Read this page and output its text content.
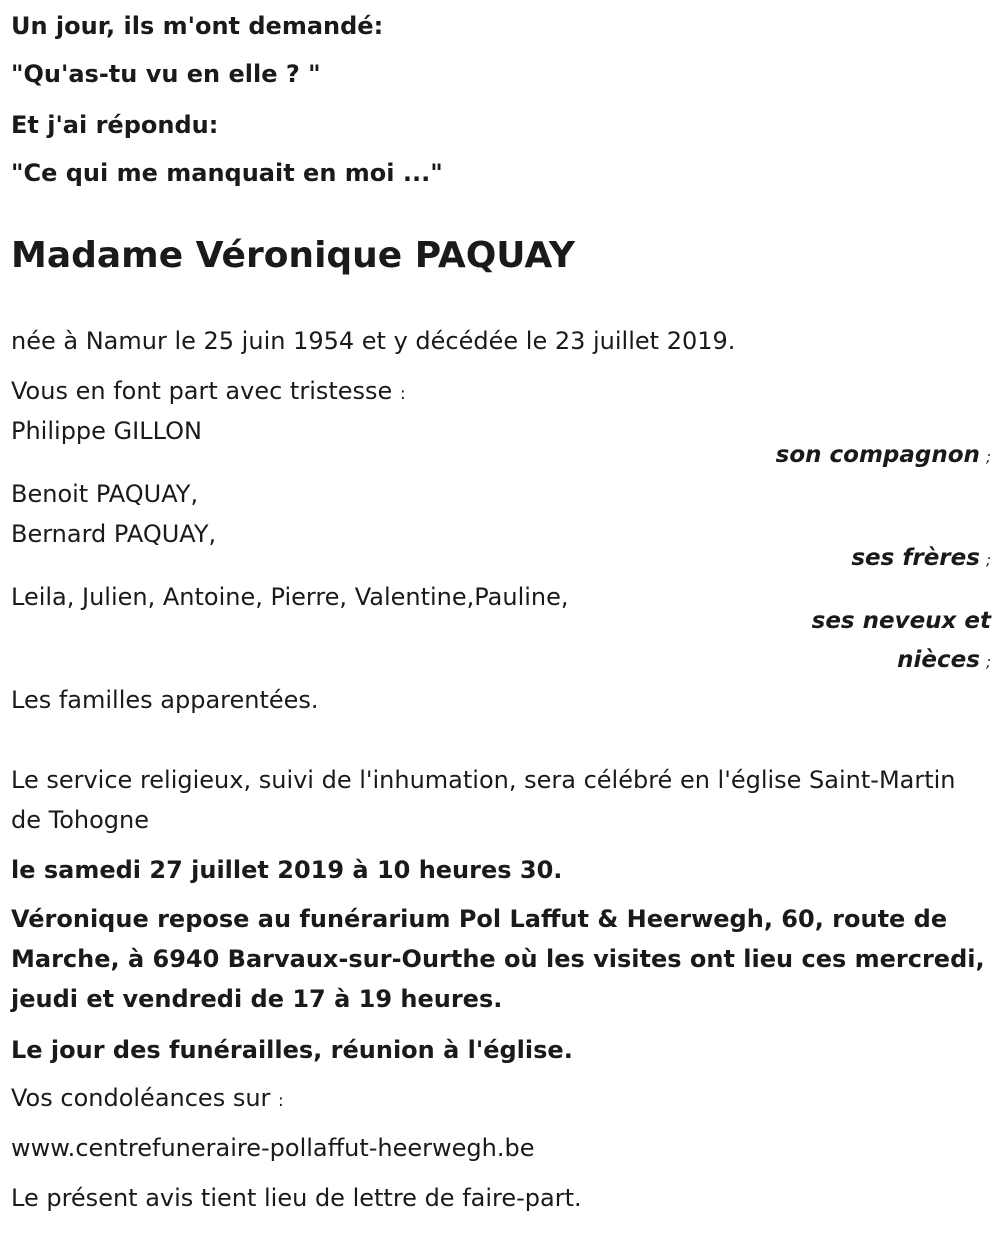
Un jour, ils m'ont demandé:
"Qu'as-tu vu en elle ? "
Et j'ai répondu:
"Ce qui me manquait en moi ..."
Madame Véronique PAQUAY
née à Namur le 25 juin 1954 et y décédée le 23 juillet 2019.
Vous en font part avec tristesse :
Philippe GILLON
son compagnon ;
Benoit PAQUAY,
Bernard PAQUAY,
ses frères ;
Leila, Julien, Antoine, Pierre, Valentine,Pauline,
ses neveux et
nièces ;
Les familles apparentées.
Le service religieux, suivi de l'inhumation, sera célébré en l'église Saint-Martin de Tohogne
le samedi 27 juillet 2019 à 10 heures 30.
Véronique repose au funérarium Pol Laffut & Heerwegh, 60, route de Marche, à 6940 Barvaux-sur-Ourthe où les visites ont lieu ces mercredi, jeudi et vendredi de 17 à 19 heures.
Le jour des funérailles, réunion à l'église.
Vos condoléances sur :
www.centrefuneraire-pollaffut-heerwegh.be
Le présent avis tient lieu de lettre de faire-part.
